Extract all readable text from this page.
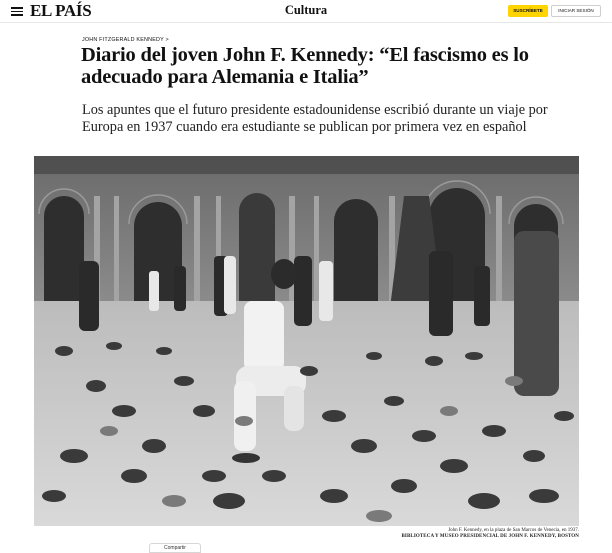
EL PAÍS	Cultura	SUSCRÍBETE	INICIAR SESIÓN
JOHN FITZGERALD KENNEDY >
Diario del joven John F. Kennedy: “El fascismo es lo adecuado para Alemania e Italia”

Los apuntes que el futuro presidente estadounidense escribió durante un viaje por Europa en 1937 cuando era estudiante se publican por primera vez en español

John F. Kennedy, en la plaza de San Marcos de Venecia, en 1937.
BIBLIOTECA Y MUSEO PRESIDENCIAL DE JOHN F. KENNEDY, BOSTON
Compartir
